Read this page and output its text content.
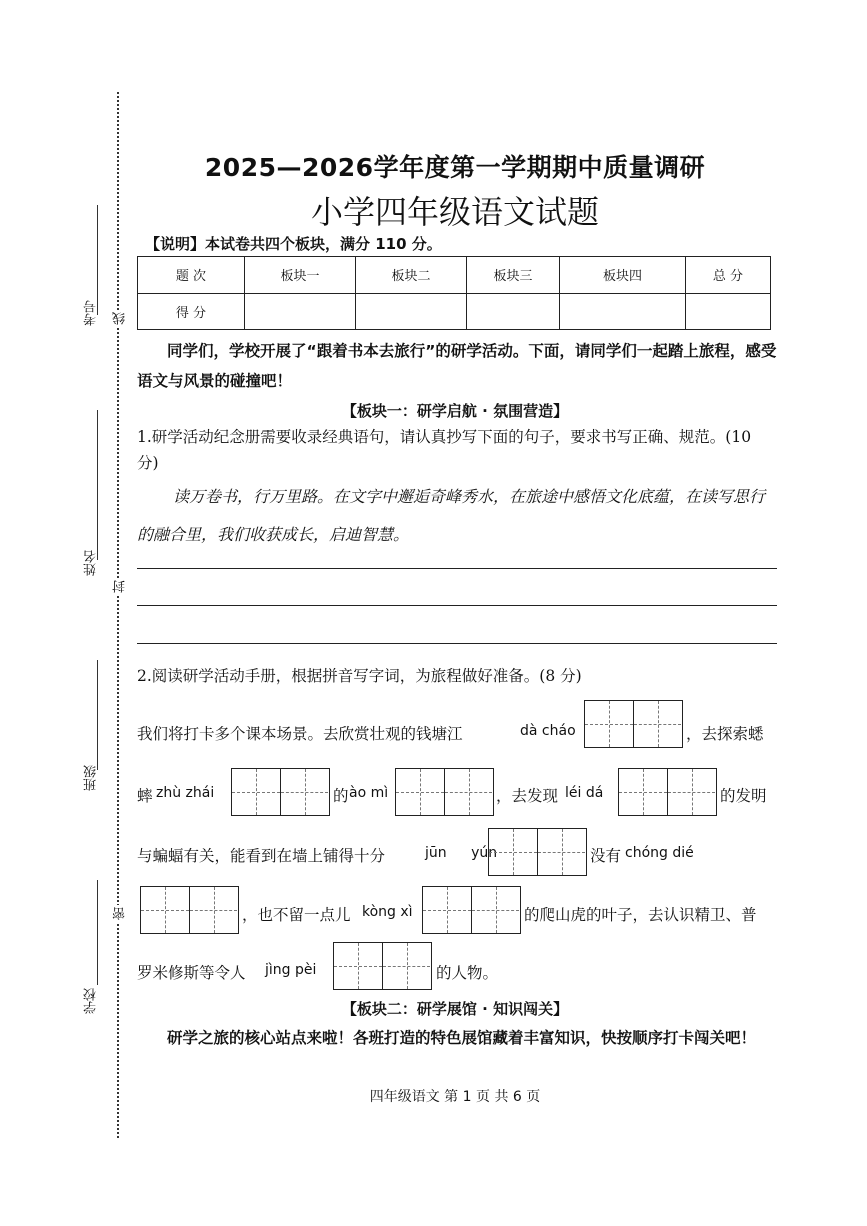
考号 线
姓名
封
班级
学校
密
2025—2026学年度第一学期期中质量调研
小学四年级语文试题
【说明】本试卷共四个板块，满分 110 分。
题 次	板块一	板块二	板块三	板块四	总 分
得 分					
同学们，学校开展了“跟着书本去旅行”的研学活动。下面，请同学们一起踏上旅程，感受语文与风景的碰撞吧！
【板块一：研学启航 · 氛围营造】
1.研学活动纪念册需要收录经典语句，请认真抄写下面的句子，要求书写正确、规范。(10 分)
读万卷书，行万里路。在文字中邂逅奇峰秀水，在旅途中感悟文化底蕴，在读写思行的融合里，我们收获成长，启迪智慧。
2.阅读研学活动手册，根据拼音写字词，为旅程做好准备。(8 分)
我们将打卡多个课本场景。去欣赏壮观的钱塘江	dà cháo	，去探索蟋
蟀 zhù zhái	的 ào mì	，去发现 léi dá	的发明
与蝙蝠有关，能看到在墙上铺得十分	jūn yún	没有 chóng dié
，也不留一点儿 kòng xì	的爬山虎的叶子，去认识精卫、普
罗米修斯等令人 jìng pèi	的人物。
【板块二：研学展馆 · 知识闯关】
研学之旅的核心站点来啦！各班打造的特色展馆藏着丰富知识，快按顺序打卡闯关吧！
四年级语文 第 1 页 共 6 页
